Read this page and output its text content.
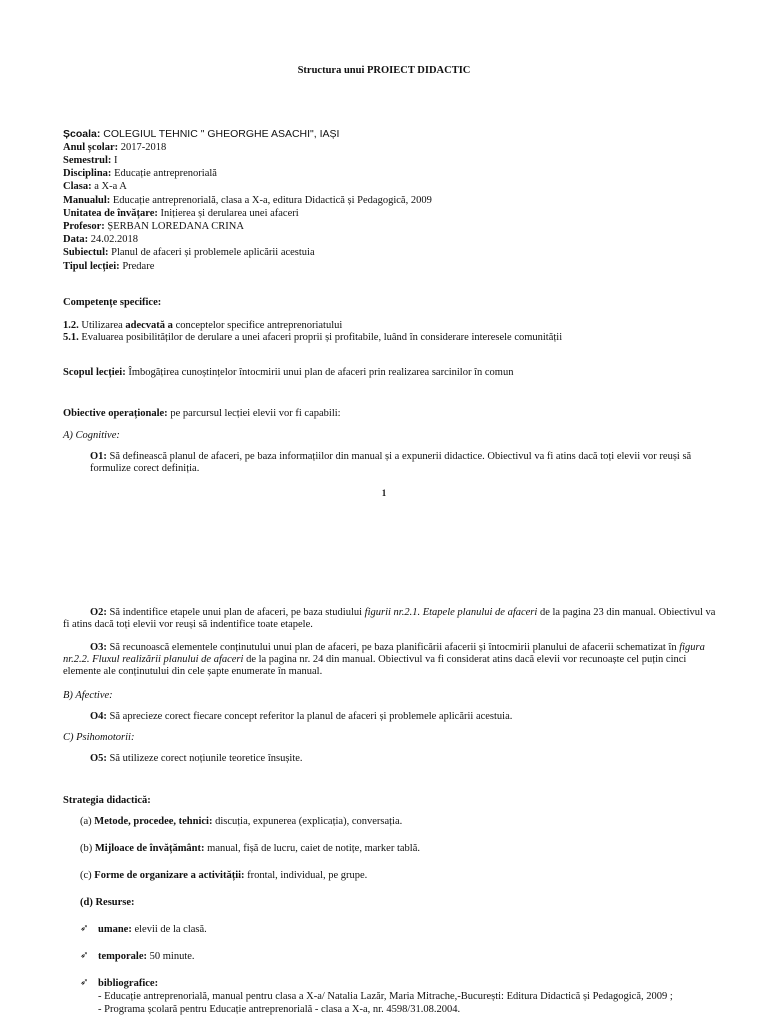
Structura unui PROIECT DIDACTIC
Școala: COLEGIUL TEHNIC " GHEORGHE ASACHI", IAȘI
Anul școlar: 2017-2018
Semestrul: I
Disciplina: Educație antreprenorială
Clasa: a X-a A
Manualul: Educație antreprenorială, clasa a X-a, editura Didactică și Pedagogică, 2009
Unitatea de învățare: Inițierea și derularea unei afaceri
Profesor: ȘERBAN LOREDANA CRINA
Data: 24.02.2018
Subiectul: Planul de afaceri și problemele aplicării acestuia
Tipul lecției: Predare
Competențe specifice:
1.2. Utilizarea adecvată a conceptelor specifice antreprenoriatului
5.1. Evaluarea posibilităților de derulare a unei afaceri proprii și profitabile, luând în considerare interesele comunității
Scopul lecției: Îmbogățirea cunoștințelor întocmirii unui plan de afaceri prin realizarea sarcinilor în comun
Obiective operaționale: pe parcursul lecției elevii vor fi capabili:
A) Cognitive:
O1: Să definească planul de afaceri, pe baza informațiilor din manual și a expunerii didactice. Obiectivul va fi atins dacă toți elevii vor reuși să formulize corect definiția.
1
O2: Să indentifice etapele unui plan de afaceri, pe baza studiului figurii nr.2.1. Etapele planului de afaceri de la pagina 23 din manual. Obiectivul va fi atins dacă toți elevii vor reuși să indentifice toate etapele.
O3: Să recunoască elementele conținutului unui plan de afaceri, pe baza planificării afacerii și întocmirii planului de afacerii schematizat în figura nr.2.2. Fluxul realizării planului de afaceri de la pagina nr. 24 din manual. Obiectivul va fi considerat atins dacă elevii vor recunoaște cel puțin cinci elemente ale conținutului din cele șapte enumerate în manual.
B) Afective:
O4: Să aprecieze corect fiecare concept referitor la planul de afaceri și problemele aplicării acestuia.
C) Psihomotorii:
O5: Să utilizeze corect noțiunile teoretice însușite.
Strategia didactică:
(a) Metode, procedee, tehnici: discuția, expunerea (explicația), conversația.
(b) Mijloace de învățământ: manual, fișă de lucru, caiet de notițe, marker tablă.
(c) Forme de organizare a activității: frontal, individual, pe grupe.
(d) Resurse:
➶ umane: elevii de la clasă.
➶ temporale: 50 minute.
➶ bibliografice:
- Educație antreprenorială, manual pentru clasa a X-a/ Natalia Lazăr, Maria Mitrache,-București: Editura Didactică și Pedagogică, 2009 ;
- Programa școlară pentru Educație antreprenorială - clasa a X-a, nr. 4598/31.08.2004.
